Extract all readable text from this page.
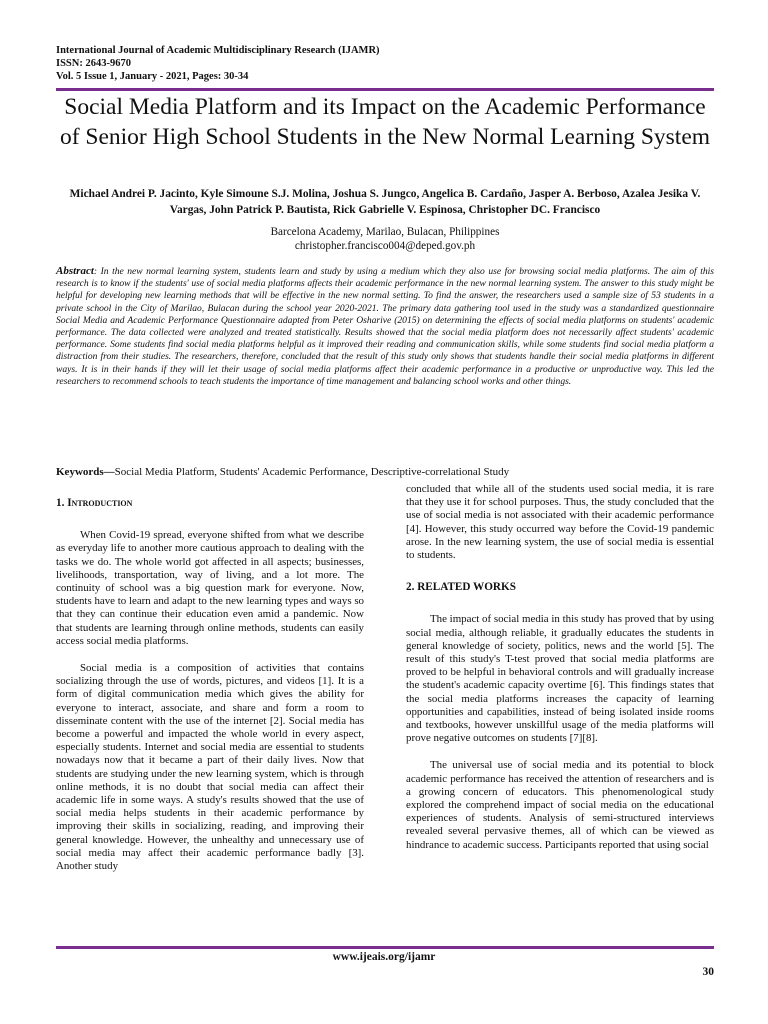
International Journal of Academic Multidisciplinary Research (IJAMR)
ISSN: 2643-9670
Vol. 5 Issue 1, January - 2021, Pages: 30-34
Social Media Platform and its Impact on the Academic Performance of Senior High School Students in the New Normal Learning System
Michael Andrei P. Jacinto, Kyle Simoune S.J. Molina, Joshua S. Jungco, Angelica B. Cardaño, Jasper A. Berboso, Azalea Jesika V. Vargas, John Patrick P. Bautista, Rick Gabrielle V. Espinosa, Christopher DC. Francisco
Barcelona Academy, Marilao, Bulacan, Philippines
christopher.francisco004@deped.gov.ph
Abstract: In the new normal learning system, students learn and study by using a medium which they also use for browsing social media platforms. The aim of this research is to know if the students' use of social media platforms affects their academic performance in the new normal learning system. The answer to this study might be helpful for developing new learning methods that will be effective in the new normal setting. To find the answer, the researchers used a sample size of 53 students in a private school in the City of Marilao, Bulacan during the school year 2020-2021. The primary data gathering tool used in the study was a standardized questionnaire Social Media and Academic Performance Questionnaire adapted from Peter Osharive (2015) on determining the effects of social media platforms on students' academic performance. The data collected were analyzed and treated statistically. Results showed that the social media platform does not necessarily affect students' academic performance. Some students find social media platforms helpful as it improved their reading and communication skills, while some students find social media platform a distraction from their studies. The researchers, therefore, concluded that the result of this study only shows that students handle their social media platforms in different ways. It is in their hands if they will let their usage of social media platforms affect their academic performance in a productive or unproductive way. This led the researchers to recommend schools to teach students the importance of time management and balancing school works and other things.
Keywords—Social Media Platform, Students' Academic Performance, Descriptive-correlational Study
1. Introduction

When Covid-19 spread, everyone shifted from what we describe as everyday life to another more cautious approach to dealing with the tasks we do. The whole world got affected in all aspects; businesses, livelihoods, transportation, way of living, and a lot more. The continuity of school was a big question mark for everyone. Now, students have to learn and adapt to the new learning types and ways so that they can continue their education even amid a pandemic. Now that students are learning through online methods, students can easily access social media platforms.

Social media is a composition of activities that contains socializing through the use of words, pictures, and videos [1]. It is a form of digital communication media which gives the ability for everyone to interact, associate, and share and form a room to disseminate content with the use of the internet [2]. Social media has become a powerful and impacted the whole world in every aspect, especially students. Internet and social media are essential to students nowadays now that it became a part of their daily lives. Now that students are studying under the new learning system, which is through online methods, it is no doubt that social media can affect their academic life in some ways. A study's results showed that the use of social media helps students in their academic performance by improving their skills in socializing, reading, and improving their general knowledge. However, the unhealthy and unnecessary use of social media may affect their academic performance badly [3]. Another study

concluded that while all of the students used social media, it is rare that they use it for school purposes. Thus, the study concluded that the use of social media is not associated with their academic performance [4]. However, this study occurred way before the Covid-19 pandemic arose. In the new learning system, the use of social media is essential to students.

2. RELATED WORKS

The impact of social media in this study has proved that by using social media, although reliable, it gradually educates the students in general knowledge of society, politics, news and the world [5]. The result of this study's T-test proved that social media platforms are proved to be helpful in behavioral controls and will gradually increase the student's academic capacity overtime [6]. This findings states that the social media platforms increases the capacity of learning opportunities and capabilities, instead of being isolated inside rooms and textbooks, however unskillful usage of the media platforms will prove negative outcomes on students [7][8].

The universal use of social media and its potential to block academic performance has received the attention of researchers and is a growing concern of educators. This phenomenological study explored the comprehend impact of social media on the educational experiences of students. Analysis of semi-structured interviews revealed several pervasive themes, all of which can be viewed as hindrance to academic success. Participants reported that using social

www.ijeais.org/ijamr
30
